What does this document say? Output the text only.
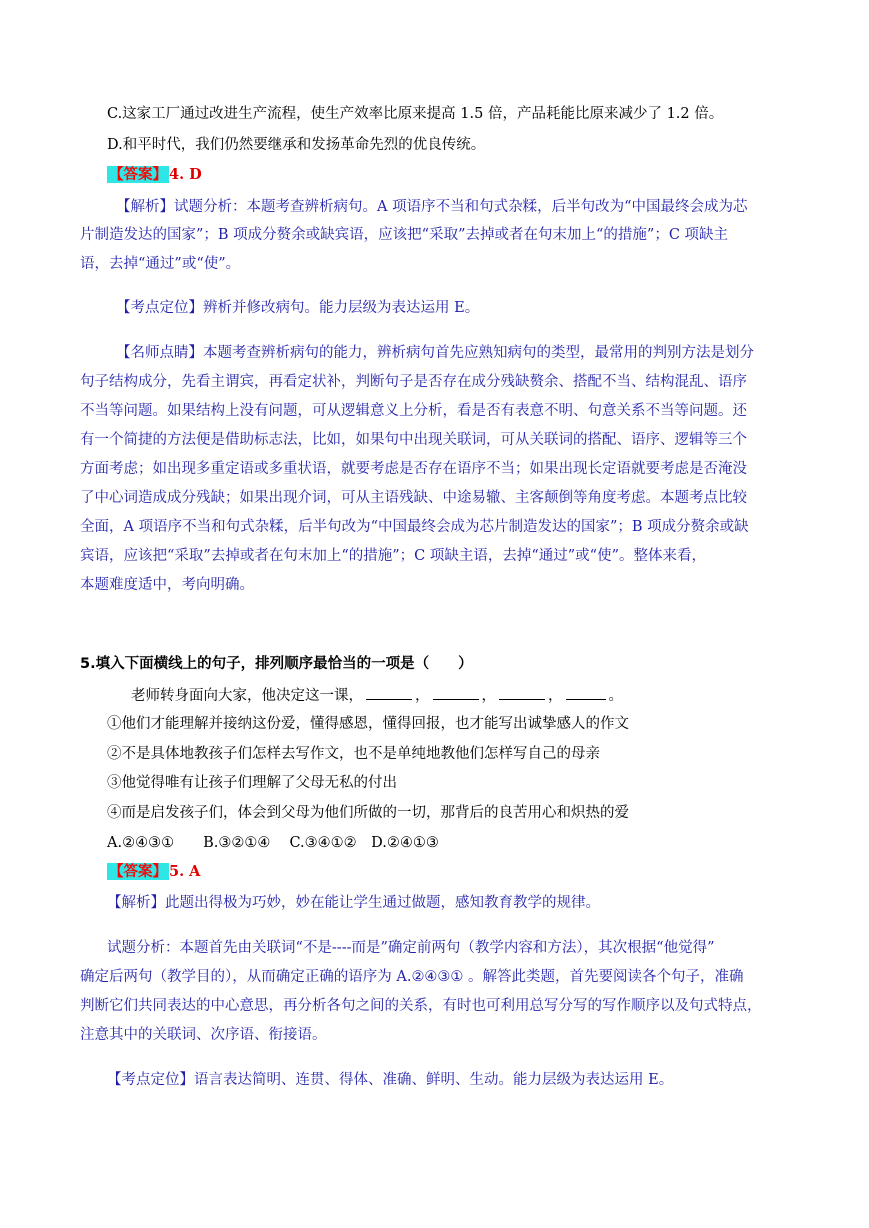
C.这家工厂通过改进生产流程，使生产效率比原来提高 1.5 倍，产品耗能比原来减少了 1.2 倍。
D.和平时代，我们仍然要继承和发扬革命先烈的优良传统。
【答案】 4. D
【解析】试题分析：本题考查辨析病句。A 项语序不当和句式杂糅，后半句改为“中国最终会成为芯
片制造发达的国家”；B 项成分赘余或缺宾语，应该把“采取”去掉或者在句末加上“的措施”；C 项缺主
语，去掉“通过”或“使”。
【考点定位】辨析并修改病句。能力层级为表达运用 E。
【名师点睛】本题考查辨析病句的能力，辨析病句首先应熟知病句的类型，最常用的判别方法是划分
句子结构成分，先看主谓宾，再看定状补，判断句子是否存在成分残缺赘余、搭配不当、结构混乱、语序
不当等问题。如果结构上没有问题，可从逻辑意义上分析，看是否有表意不明、句意关系不当等问题。还
有一个简捷的方法便是借助标志法，比如，如果句中出现关联词，可从关联词的搭配、语序、逻辑等三个
方面考虑；如出现多重定语或多重状语，就要考虑是否存在语序不当；如果出现长定语就要考虑是否淹没
了中心词造成成分残缺；如果出现介词，可从主语残缺、中途易辙、主客颠倒等角度考虑。本题考点比较
全面，A 项语序不当和句式杂糅，后半句改为“中国最终会成为芯片制造发达的国家”；B 项成分赘余或缺
宾语，应该把“采取”去掉或者在句末加上“的措施”；C 项缺主语，去掉“通过”或“使”。整体来看，
本题难度适中，考向明确。
5.填入下面横线上的句子，排列顺序最恰当的一项是（　　）
老师转身面向大家，他决定这一课，	，	，	，	。
①他们才能理解并接纳这份爱，懂得感恩，懂得回报，也才能写出诚挚感人的作文
②不是具体地教孩子们怎样去写作文，也不是单纯地教他们怎样写自己的母亲
③他觉得唯有让孩子们理解了父母无私的付出
④而是启发孩子们，体会到父母为他们所做的一切，那背后的良苦用心和炽热的爱
A.②④③①　　B.③②①④　 C.③④①②　D.②④①③
【答案】 5. A
【解析】此题出得极为巧妙，妙在能让学生通过做题，感知教育教学的规律。
试题分析：本题首先由关联词“不是----而是”确定前两句（教学内容和方法），其次根据“他觉得”
确定后两句（教学目的），从而确定正确的语序为 A.②④③① 。解答此类题，首先要阅读各个句子，准确
判断它们共同表达的中心意思，再分析各句之间的关系，有时也可利用总写分写的写作顺序以及句式特点，
注意其中的关联词、次序语、衔接语。
【考点定位】语言表达简明、连贯、得体、准确、鲜明、生动。能力层级为表达运用 E。
